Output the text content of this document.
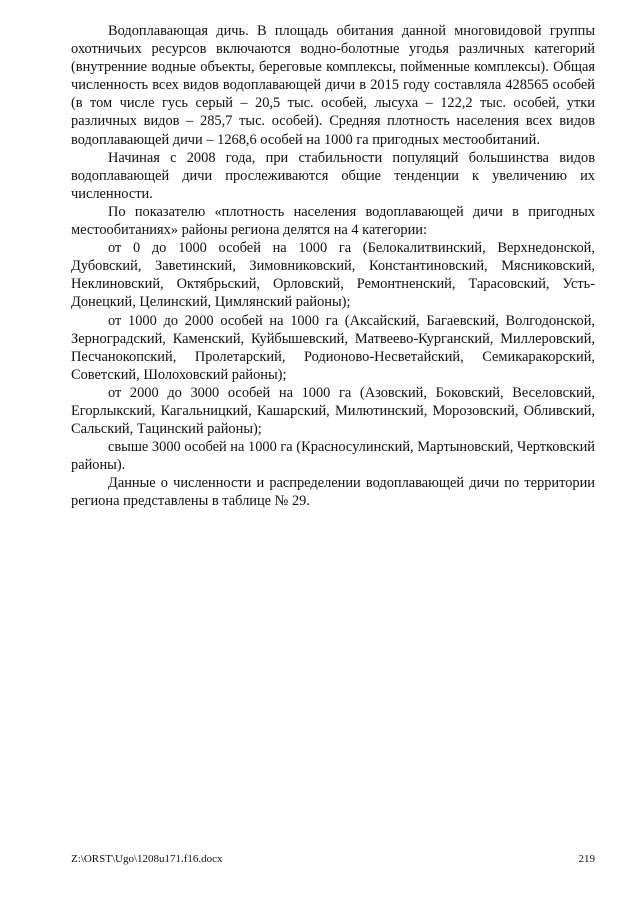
Водоплавающая дичь. В площадь обитания данной многовидовой группы охотничьих ресурсов включаются водно-болотные угодья различных категорий (внутренние водные объекты, береговые комплексы, пойменные комплексы). Общая численность всех видов водоплавающей дичи в 2015 году составляла 428565 особей (в том числе гусь серый – 20,5 тыс. особей, лысуха – 122,2 тыс. особей, утки различных видов – 285,7 тыс. особей). Средняя плотность населения всех видов водоплавающей дичи – 1268,6 особей на 1000 га пригодных местообитаний.

Начиная с 2008 года, при стабильности популяций большинства видов водоплавающей дичи прослеживаются общие тенденции к увеличению их численности.

По показателю «плотность населения водоплавающей дичи в пригодных местообитаниях» районы региона делятся на 4 категории:

от 0 до 1000 особей на 1000 га (Белокалитвинский, Верхнедонской, Дубовский, Заветинский, Зимовниковский, Константиновский, Мясниковский, Неклиновский, Октябрьский, Орловский, Ремонтненский, Тарасовский, Усть-Донецкий, Целинский, Цимлянский районы);

от 1000 до 2000 особей на 1000 га (Аксайский, Багаевский, Волгодонской, Зерноградский, Каменский, Куйбышевский, Матвеево-Курганский, Миллеровский, Песчанокопский, Пролетарский, Родионово-Несветайский, Семикаракорский, Советский, Шолоховский районы);

от 2000 до 3000 особей на 1000 га (Азовский, Боковский, Веселовский, Егорлыкский, Кагальницкий, Кашарский, Милютинский, Морозовский, Обливский, Сальский, Тацинский районы);

свыше 3000 особей на 1000 га (Красносулинский, Мартыновский, Чертковский районы).

Данные о численности и распределении водоплавающей дичи по территории региона представлены в таблице № 29.

Z:\ORST\Ugo\1208u171.f16.docx	219
